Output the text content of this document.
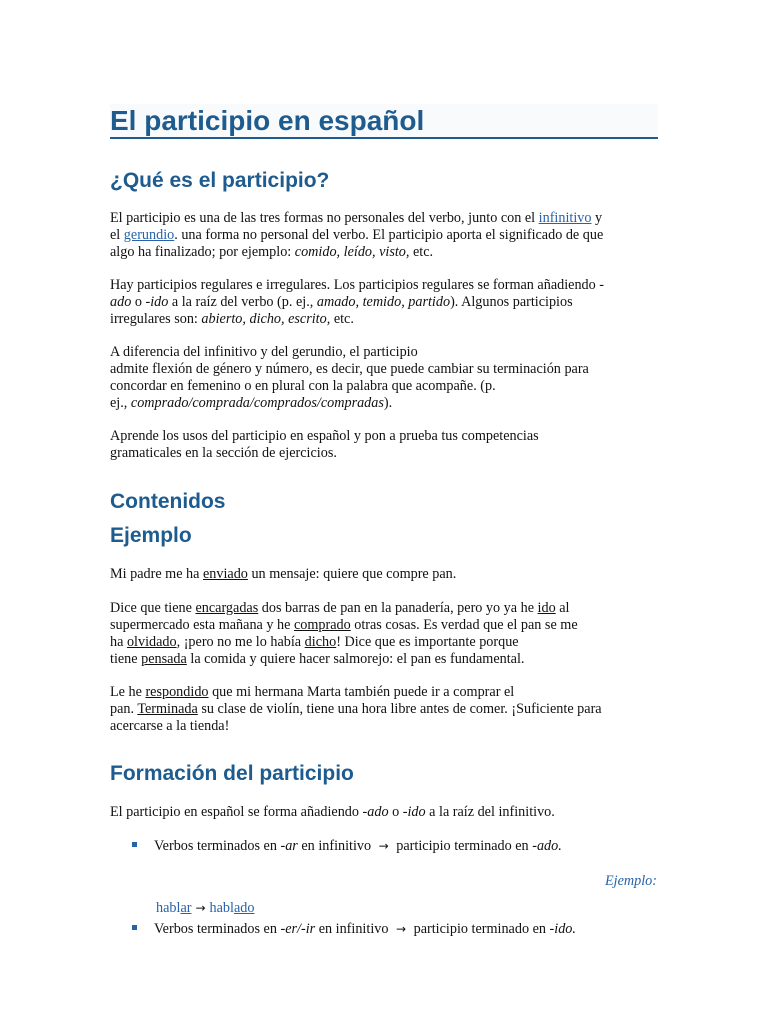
El participio en español
¿Qué es el participio?
El participio es una de las tres formas no personales del verbo, junto con el infinitivo y
el gerundio. una forma no personal del verbo. El participio aporta el significado de que
algo ha finalizado; por ejemplo: comido, leído, visto, etc.
Hay participios regulares e irregulares. Los participios regulares se forman añadiendo -
ado o -ido a la raíz del verbo (p. ej., amado, temido, partido). Algunos participios
irregulares son: abierto, dicho, escrito, etc.
A diferencia del infinitivo y del gerundio, el participio
admite flexión de género y número, es decir, que puede cambiar su terminación para
concordar en femenino o en plural con la palabra que acompañe. (p.
ej., comprado/comprada/comprados/compradas).
Aprende los usos del participio en español y pon a prueba tus competencias
gramaticales en la sección de ejercicios.
Contenidos
Ejemplo
Mi padre me ha enviado un mensaje: quiere que compre pan.
Dice que tiene encargadas dos barras de pan en la panadería, pero yo ya he ido al
supermercado esta mañana y he comprado otras cosas. Es verdad que el pan se me
ha olvidado, ¡pero no me lo había dicho! Dice que es importante porque
tiene pensada la comida y quiere hacer salmorejo: el pan es fundamental.
Le he respondido que mi hermana Marta también puede ir a comprar el
pan. Terminada su clase de violín, tiene una hora libre antes de comer. ¡Suficiente para
acercarse a la tienda!
Formación del participio
El participio en español se forma añadiendo -ado o -ido a la raíz del infinitivo.
Verbos terminados en -ar en infinitivo → participio terminado en -ado.
Ejemplo:
hablar → hablado
Verbos terminados en -er/-ir en infinitivo → participio terminado en -ido.
